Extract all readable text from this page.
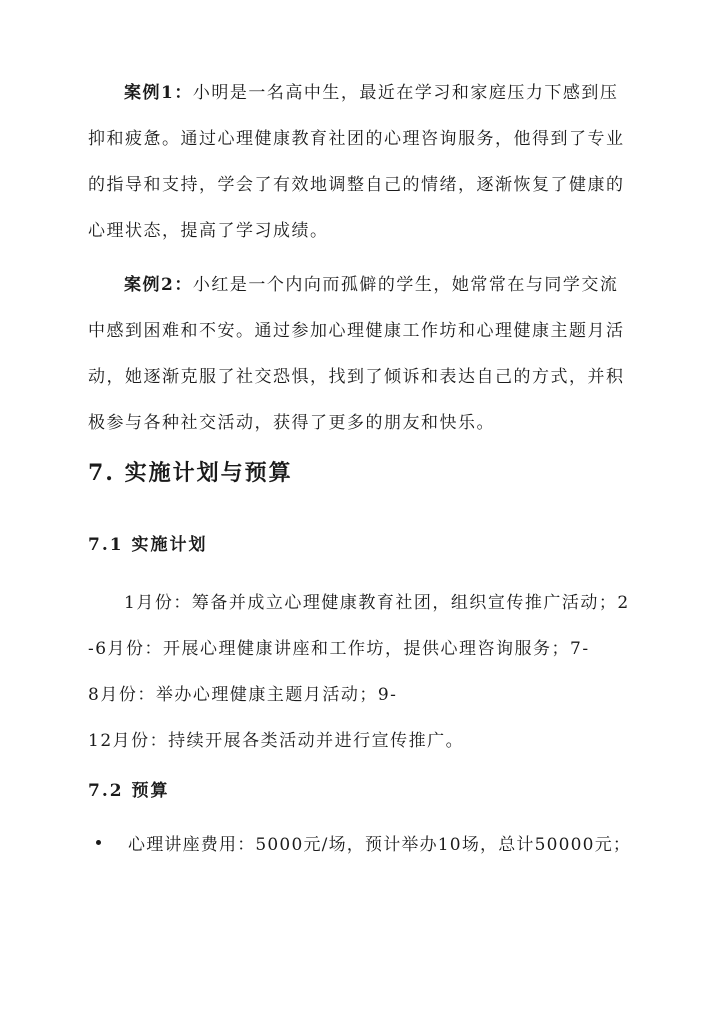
案例1：小明是一名高中生，最近在学习和家庭压力下感到压
抑和疲惫。通过心理健康教育社团的心理咨询服务，他得到了专业
的指导和支持，学会了有效地调整自己的情绪，逐渐恢复了健康的
心理状态，提高了学习成绩。
案例2：小红是一个内向而孤僻的学生，她常常在与同学交流
中感到困难和不安。通过参加心理健康工作坊和心理健康主题月活
动，她逐渐克服了社交恐惧，找到了倾诉和表达自己的方式，并积
极参与各种社交活动，获得了更多的朋友和快乐。
7. 实施计划与预算
7.1 实施计划
1月份：筹备并成立心理健康教育社团，组织宣传推广活动；2
-6月份：开展心理健康讲座和工作坊，提供心理咨询服务；7-
8月份：举办心理健康主题月活动；9-
12月份：持续开展各类活动并进行宣传推广。
7.2 预算
心理讲座费用：5000元/场，预计举办10场，总计50000元；
